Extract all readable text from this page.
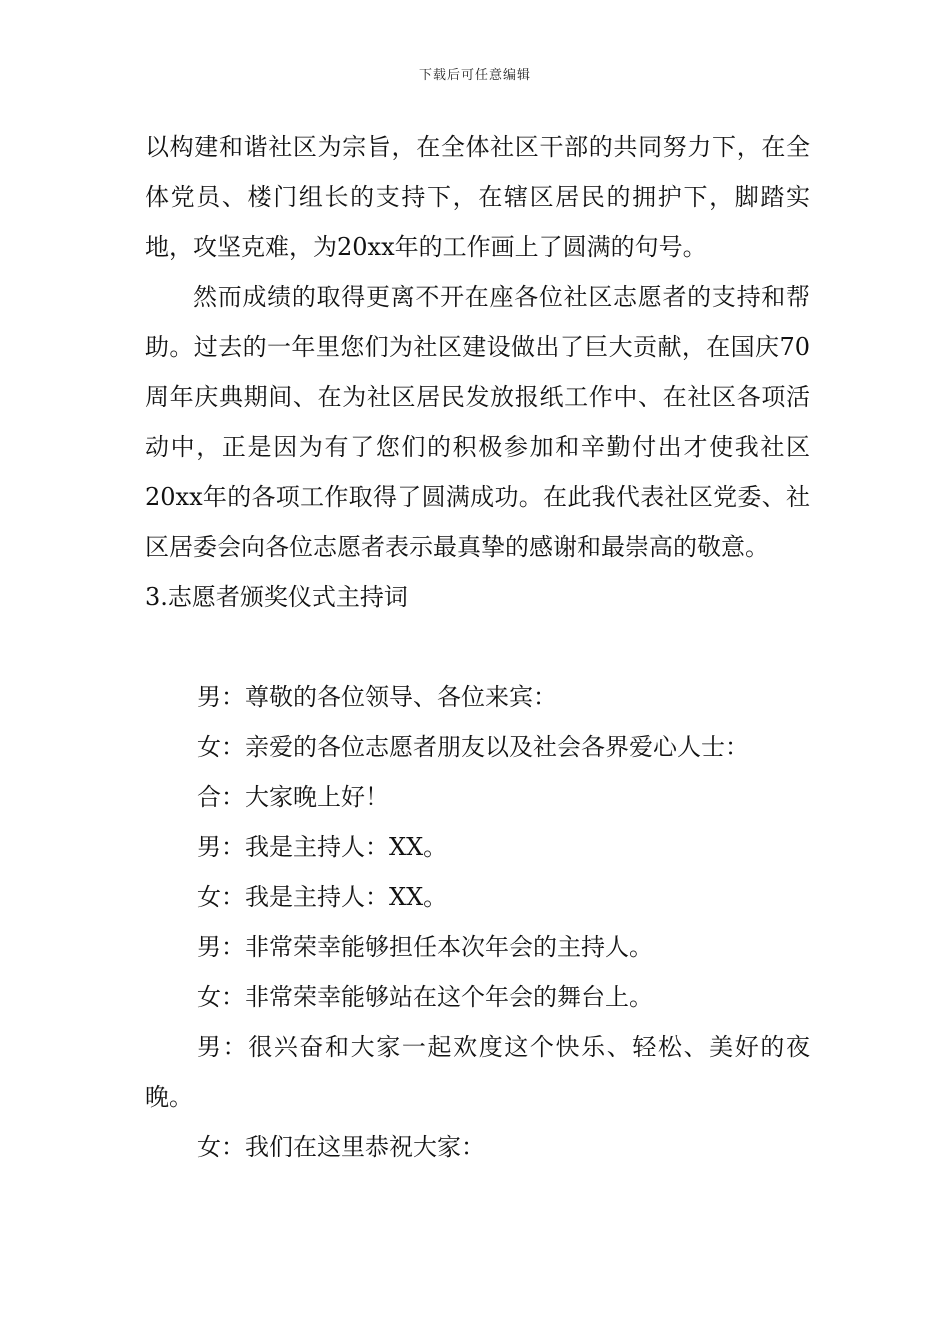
下载后可任意编辑

以构建和谐社区为宗旨，在全体社区干部的共同努力下，在全体党员、楼门组长的支持下，在辖区居民的拥护下，脚踏实地，攻坚克难，为20xx年的工作画上了圆满的句号。

然而成绩的取得更离不开在座各位社区志愿者的支持和帮助。过去的一年里您们为社区建设做出了巨大贡献，在国庆70周年庆典期间、在为社区居民发放报纸工作中、在社区各项活动中，正是因为有了您们的积极参加和辛勤付出才使我社区20xx年的各项工作取得了圆满成功。在此我代表社区党委、社区居委会向各位志愿者表示最真挚的感谢和最崇高的敬意。

3.志愿者颁奖仪式主持词

男：尊敬的各位领导、各位来宾：

女：亲爱的各位志愿者朋友以及社会各界爱心人士：

合：大家晚上好！

男：我是主持人：XX。

女：我是主持人：XX。

男：非常荣幸能够担任本次年会的主持人。

女：非常荣幸能够站在这个年会的舞台上。

男：很兴奋和大家一起欢度这个快乐、轻松、美好的夜晚。

女：我们在这里恭祝大家：
